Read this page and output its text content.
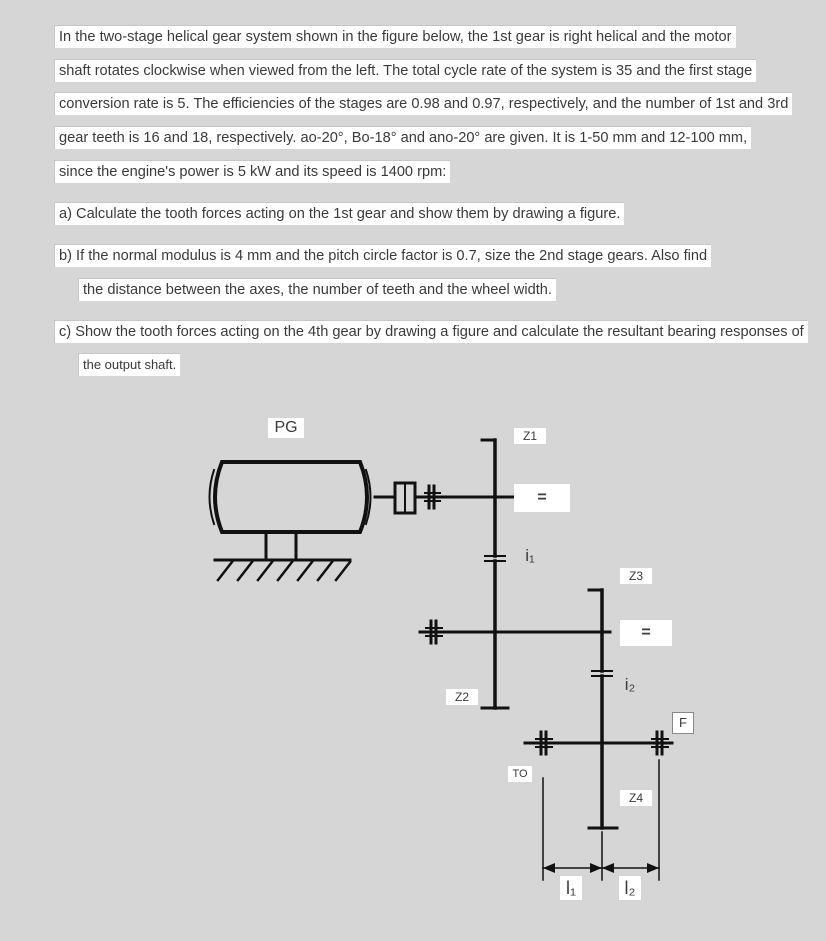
In the two-stage helical gear system shown in the figure below, the 1st gear is right helical and the motor
shaft rotates clockwise when viewed from the left. The total cycle rate of the system is 35 and the first stage
conversion rate is 5. The efficiencies of the stages are 0.98 and 0.97, respectively, and the number of 1st and 3rd
gear teeth is 16 and 18, respectively. ao-20°, Bo-18° and ano-20° are given. It is 1-50 mm and 12-100 mm,
since the engine's power is 5 kW and its speed is 1400 rpm:
a) Calculate the tooth forces acting on the 1st gear and show them by drawing a figure.
b) If the normal modulus is 4 mm and the pitch circle factor is 0.7, size the 2nd stage gears. Also find
the distance between the axes, the number of teeth and the wheel width.
c) Show the tooth forces acting on the 4th gear by drawing a figure and calculate the resultant bearing responses of
the output shaft.
PG	Z1
=
i₁
Z3
=
i₂
Z2
F
TO
Z4
l₁	l₂
